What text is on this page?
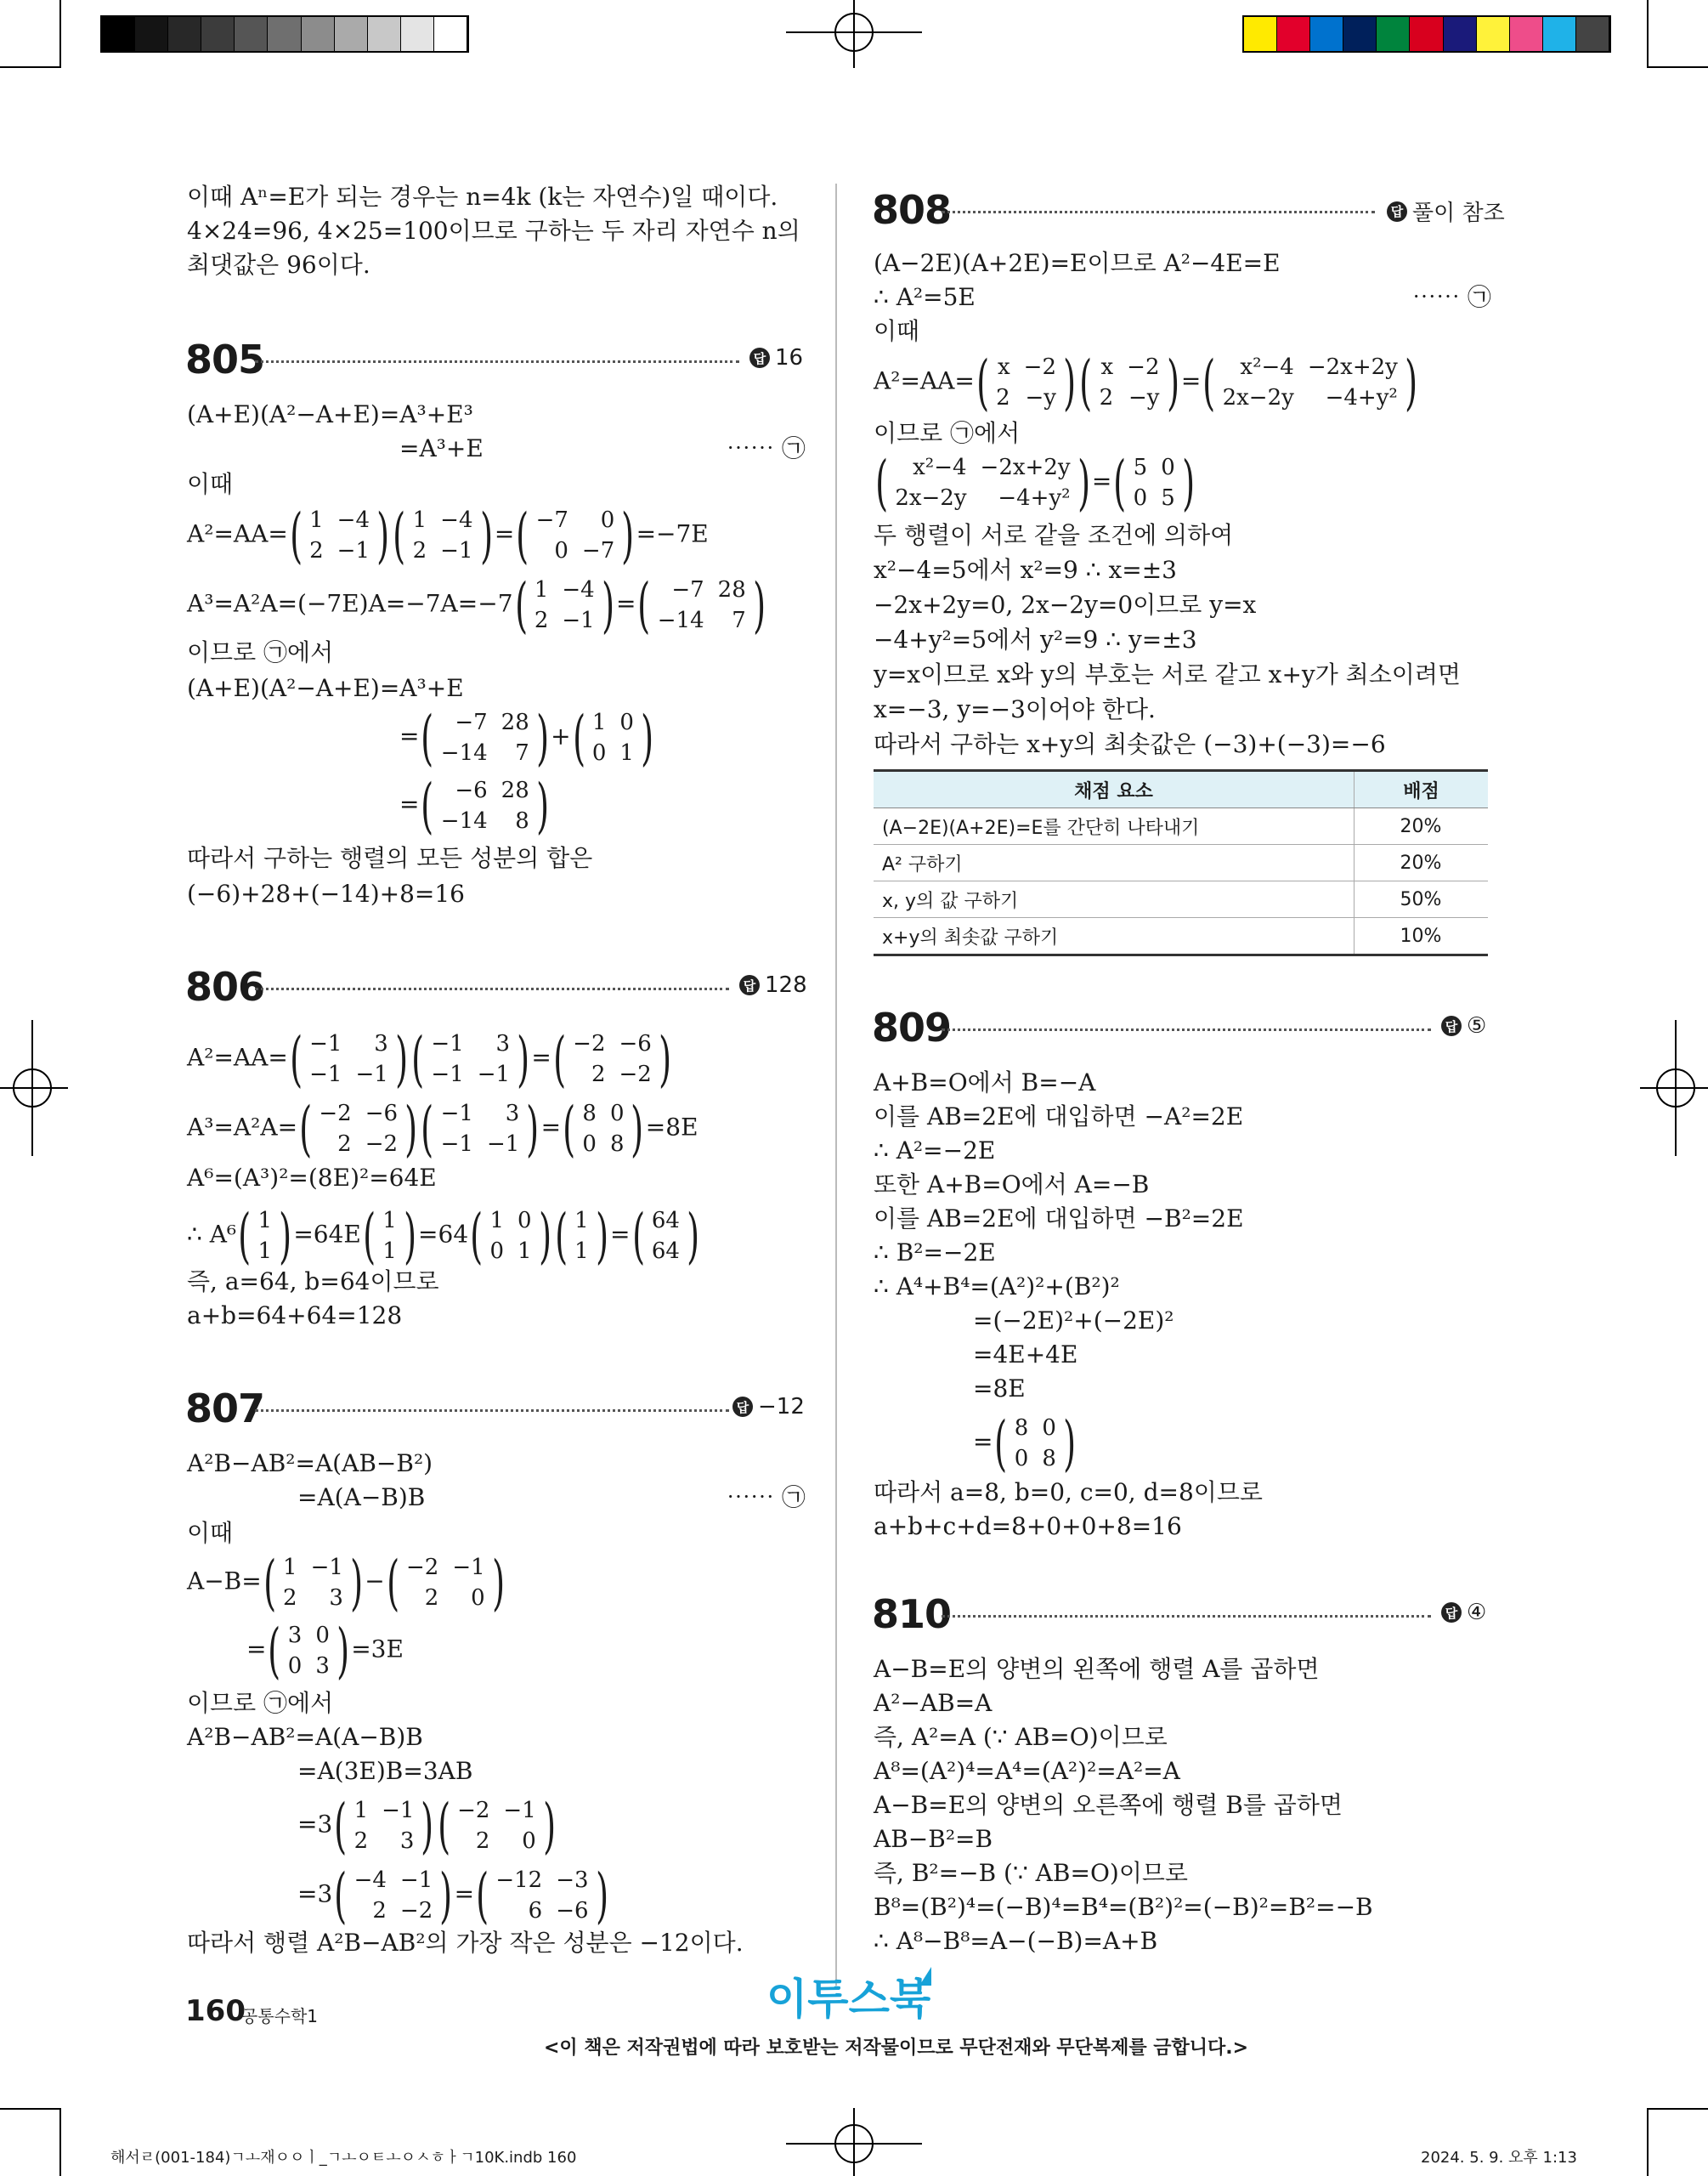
이때 Aⁿ=E가 되는 경우는 n=4k (k는 자연수)일 때이다.
4×24=96, 4×25=100이므로 구하는 두 자리 자연수 n의
최댓값은 96이다.
805	답 16
(A+E)(A²−A+E)=A³+E³
=A³+E	⋯⋯ ㉠
이때
A²=AA= ( 1	−4
2	−1 ) ( 1	−4
2	−1 ) = ( −7	0
0	−7 ) =−7E
A³=A²A=(−7E)A=−7A=−7 ( 1	−4
2	−1 ) = ( −7	28
−14	7 )
이므로 ㉠에서
(A+E)(A²−A+E)=A³+E
= ( −7	28
−14	7 ) + ( 1	0
0	1 )
= ( −6	28
−14	8 )
따라서 구하는 행렬의 모든 성분의 합은
(−6)+28+(−14)+8=16
806	답 128
A²=AA= ( −1	3
−1	−1 ) ( −1	3
−1	−1 ) = ( −2	−6
2	−2 )
A³=A²A= ( −2	−6
2	−2 ) ( −1	3
−1	−1 ) = ( 8	0
0	8 ) =8E
A⁶=(A³)²=(8E)²=64E
∴ A⁶ ( 1
1 ) =64E ( 1
1 ) =64 ( 1	0
0	1 ) ( 1
1 ) = ( 64
64 )
즉, a=64, b=64이므로
a+b=64+64=128
807	답 −12
A²B−AB²=A(AB−B²)
=A(A−B)B	⋯⋯ ㉠
이때
A−B= ( 1	−1
2	3 ) − ( −2	−1
2	0 )
= ( 3	0
0	3 ) =3E
이므로 ㉠에서
A²B−AB²=A(A−B)B
=A(3E)B=3AB
=3 ( 1	−1
2	3 ) ( −2	−1
2	0 )
=3 ( −4	−1
2	−2 ) = ( −12	−3
6	−6 )
따라서 행렬 A²B−AB²의 가장 작은 성분은 −12이다.
808	답 풀이 참조
(A−2E)(A+2E)=E이므로 A²−4E=E
∴ A²=5E	⋯⋯ ㉠
이때
A²=AA= ( x	−2
2	−y ) ( x	−2
2	−y ) = ( x²−4	−2x+2y
2x−2y	−4+y² )
이므로 ㉠에서
( x²−4	−2x+2y
2x−2y	−4+y² ) = ( 5	0
0	5 )
두 행렬이 서로 같을 조건에 의하여
x²−4=5에서 x²=9 ∴ x=±3
−2x+2y=0, 2x−2y=0이므로 y=x
−4+y²=5에서 y²=9 ∴ y=±3
y=x이므로 x와 y의 부호는 서로 같고 x+y가 최소이려면
x=−3, y=−3이어야 한다.
따라서 구하는 x+y의 최솟값은 (−3)+(−3)=−6
채점 요소	배점
(A−2E)(A+2E)=E를 간단히 나타내기	20%
A² 구하기	20%
x, y의 값 구하기	50%
x+y의 최솟값 구하기	10%
809	답 ⑤
A+B=O에서 B=−A
이를 AB=2E에 대입하면 −A²=2E
∴ A²=−2E
또한 A+B=O에서 A=−B
이를 AB=2E에 대입하면 −B²=2E
∴ B²=−2E
∴ A⁴+B⁴=(A²)²+(B²)²
=(−2E)²+(−2E)²
=4E+4E
=8E
= ( 8	0
0	8 )
따라서 a=8, b=0, c=0, d=8이므로
a+b+c+d=8+0+0+8=16
810	답 ④
A−B=E의 양변의 왼쪽에 행렬 A를 곱하면
A²−AB=A
즉, A²=A (∵ AB=O)이므로
A⁸=(A²)⁴=A⁴=(A²)²=A²=A
A−B=E의 양변의 오른쪽에 행렬 B를 곱하면
AB−B²=B
즉, B²=−B (∵ AB=O)이므로
B⁸=(B²)⁴=(−B)⁴=B⁴=(B²)²=(−B)²=B²=−B
∴ A⁸−B⁸=A−(−B)=A+B
160
공통수학1	이투스북
<이 책은 저작권법에 따라 보호받는 저작물이므로 무단전재와 무단복제를 금합니다.>
해서ㄹ(001-184)ㄱㅗ재ㅇㅇㅣ_ㄱㅗㅇㅌㅗㅇㅅㅎㅏㄱ10K.indb 160	2024. 5. 9. 오후 1:13
